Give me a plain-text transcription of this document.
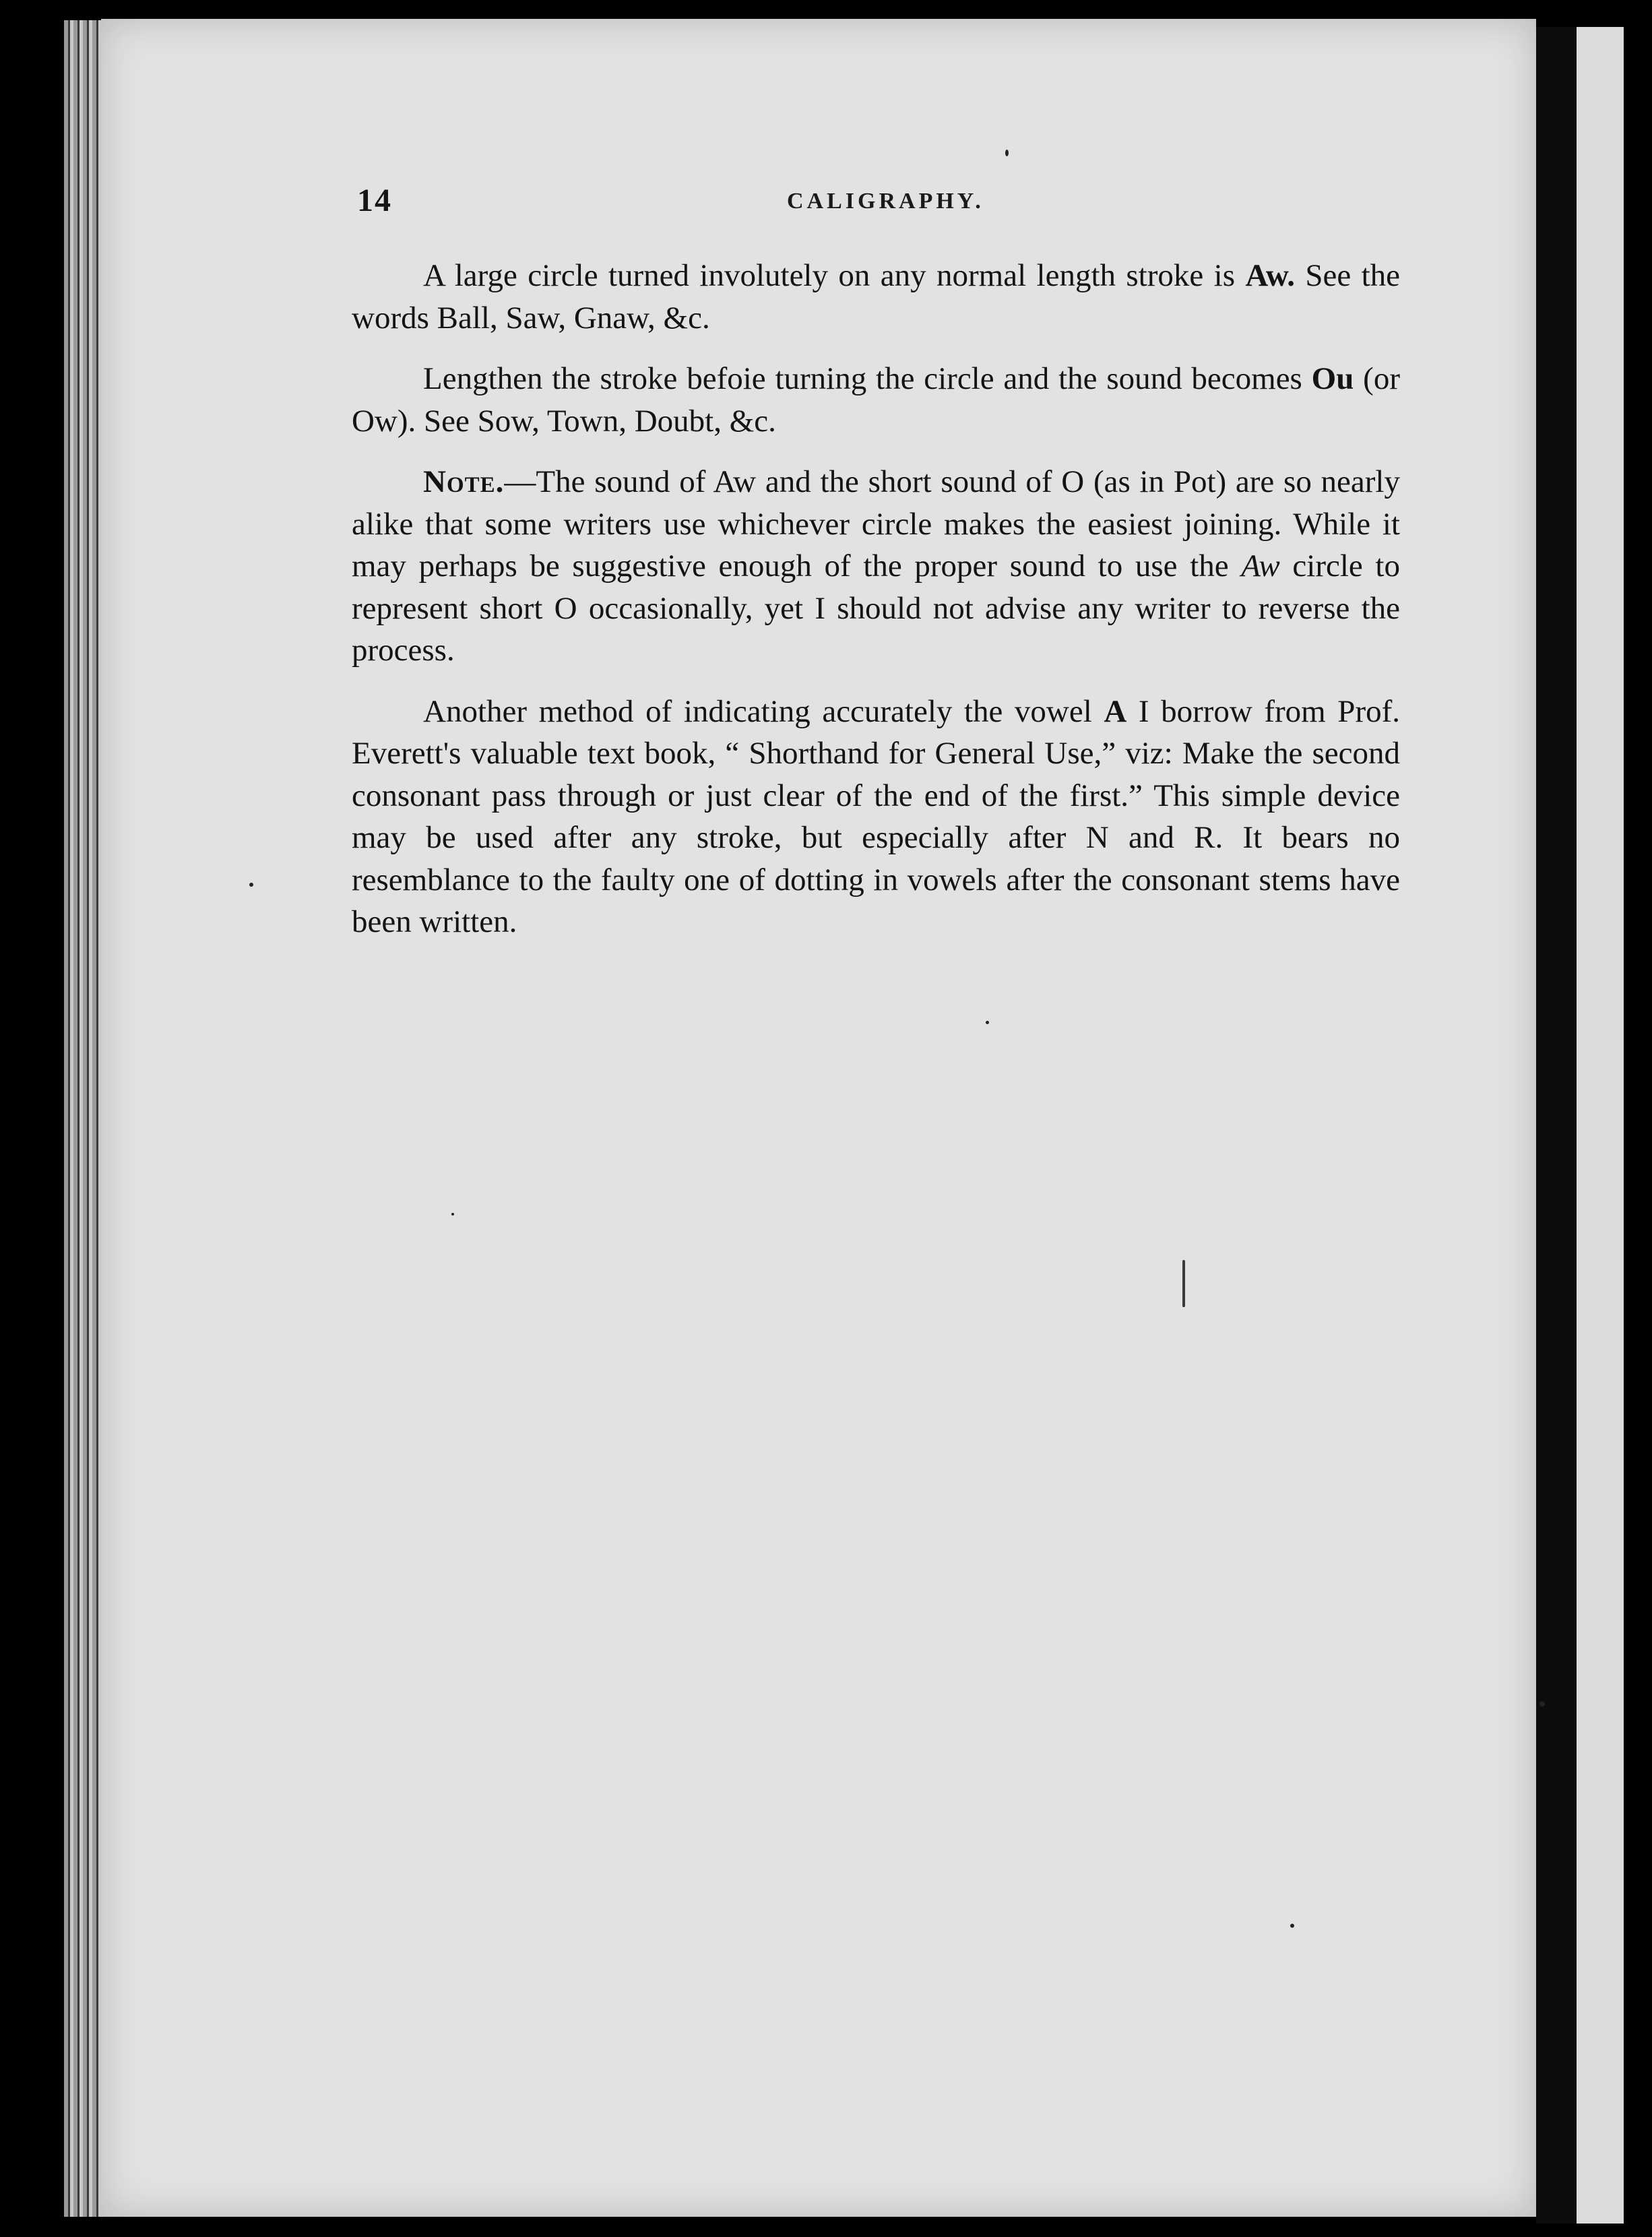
14	CALIGRAPHY.

A large circle turned involutely on any normal length stroke is Aw. See the words Ball, Saw, Gnaw, &c.

Lengthen the stroke befoie turning the circle and the sound becomes Ou (or Ow). See Sow, Town, Doubt, &c.

Note.—The sound of Aw and the short sound of O (as in Pot) are so nearly alike that some writers use whichever circle makes the easiest joining. While it may perhaps be suggestive enough of the proper sound to use the Aw circle to represent short O occasionally, yet I should not advise any writer to reverse the process.

Another method of indicating accurately the vowel A I borrow from Prof. Everett's valuable text book, “ Shorthand for General Use,” viz: Make the second consonant pass through or just clear of the end of the first.” This simple device may be used after any stroke, but especially after N and R. It bears no resemblance to the faulty one of dotting in vowels after the consonant stems have been written.
